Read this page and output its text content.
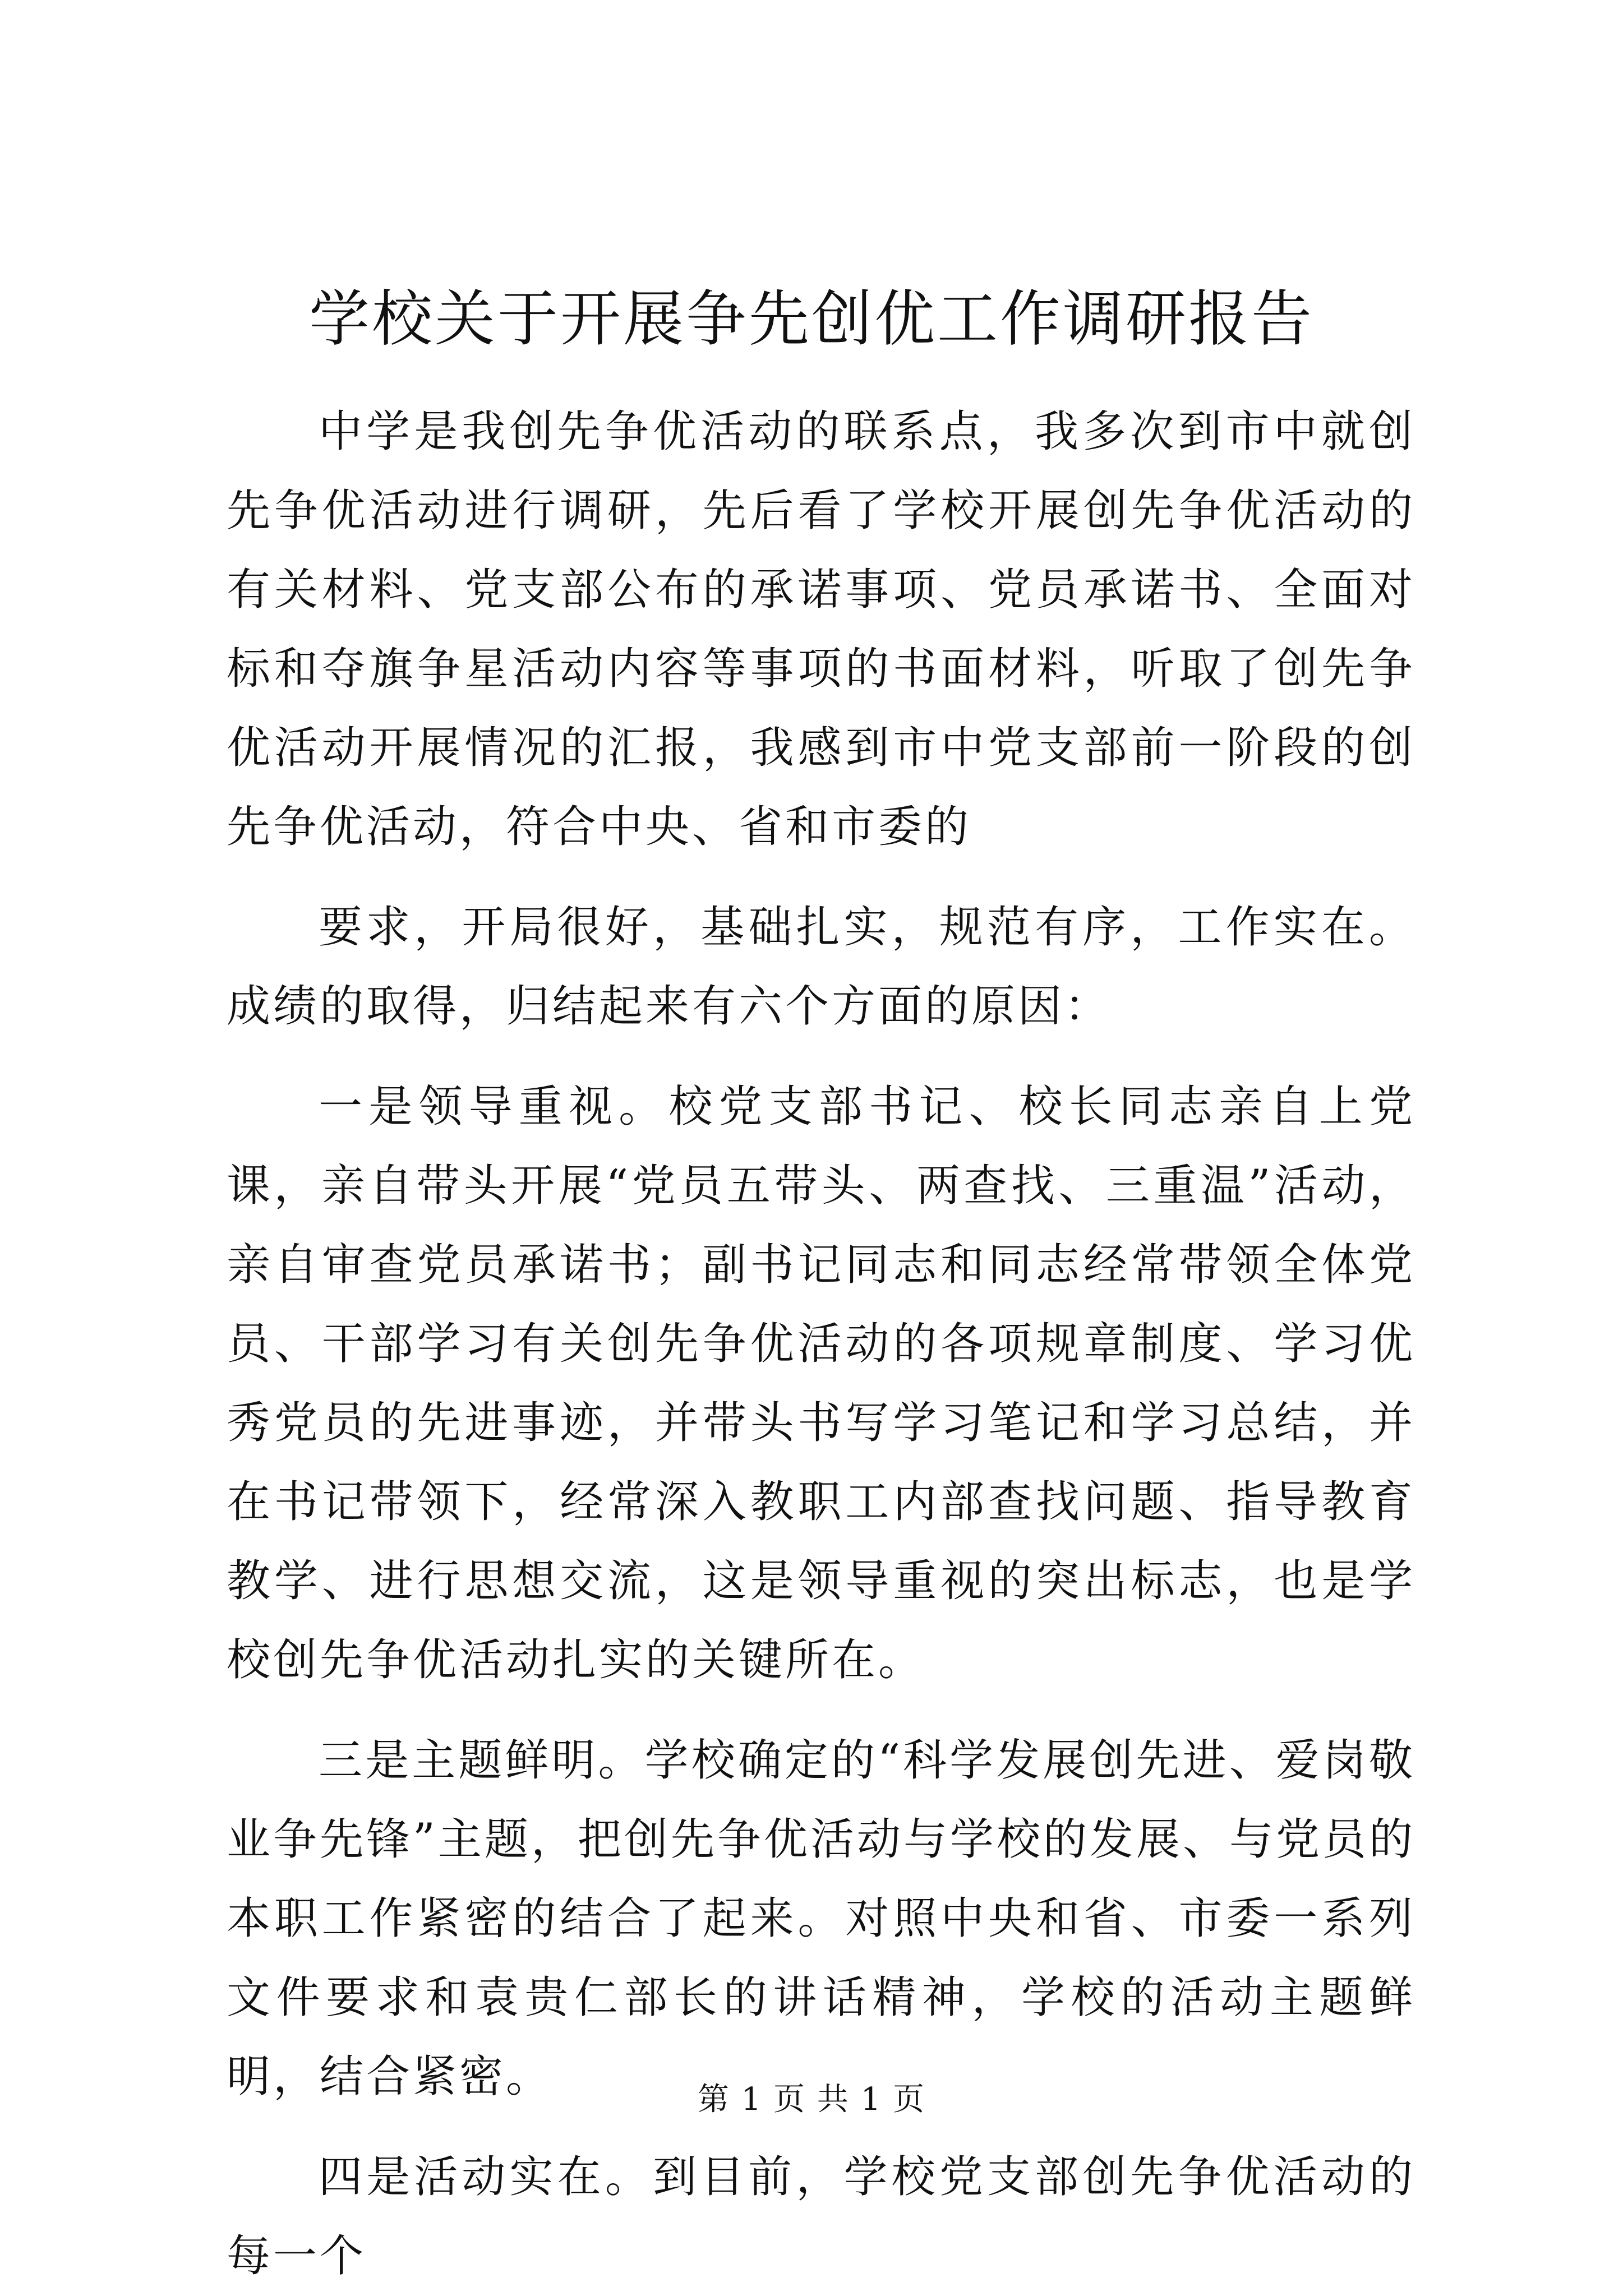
学校关于开展争先创优工作调研报告

中学是我创先争优活动的联系点，我多次到市中就创先争优活动进行调研，先后看了学校开展创先争优活动的有关材料、党支部公布的承诺事项、党员承诺书、全面对标和夺旗争星活动内容等事项的书面材料，听取了创先争优活动开展情况的汇报，我感到市中党支部前一阶段的创先争优活动，符合中央、省和市委的

要求，开局很好，基础扎实，规范有序，工作实在。成绩的取得，归结起来有六个方面的原因：

一是领导重视。校党支部书记、校长同志亲自上党课，亲自带头开展“党员五带头、两查找、三重温”活动，亲自审查党员承诺书；副书记同志和同志经常带领全体党员、干部学习有关创先争优活动的各项规章制度、学习优秀党员的先进事迹，并带头书写学习笔记和学习总结，并在书记带领下，经常深入教职工内部查找问题、指导教育教学、进行思想交流，这是领导重视的突出标志，也是学校创先争优活动扎实的关键所在。

三是主题鲜明。学校确定的“科学发展创先进、爱岗敬业争先锋”主题，把创先争优活动与学校的发展、与党员的本职工作紧密的结合了起来。对照中央和省、市委一系列文件要求和袁贵仁部长的讲话精神，学校的活动主题鲜明，结合紧密。

四是活动实在。到目前，学校党支部创先争优活动的每一个

第 1 页 共 1 页
